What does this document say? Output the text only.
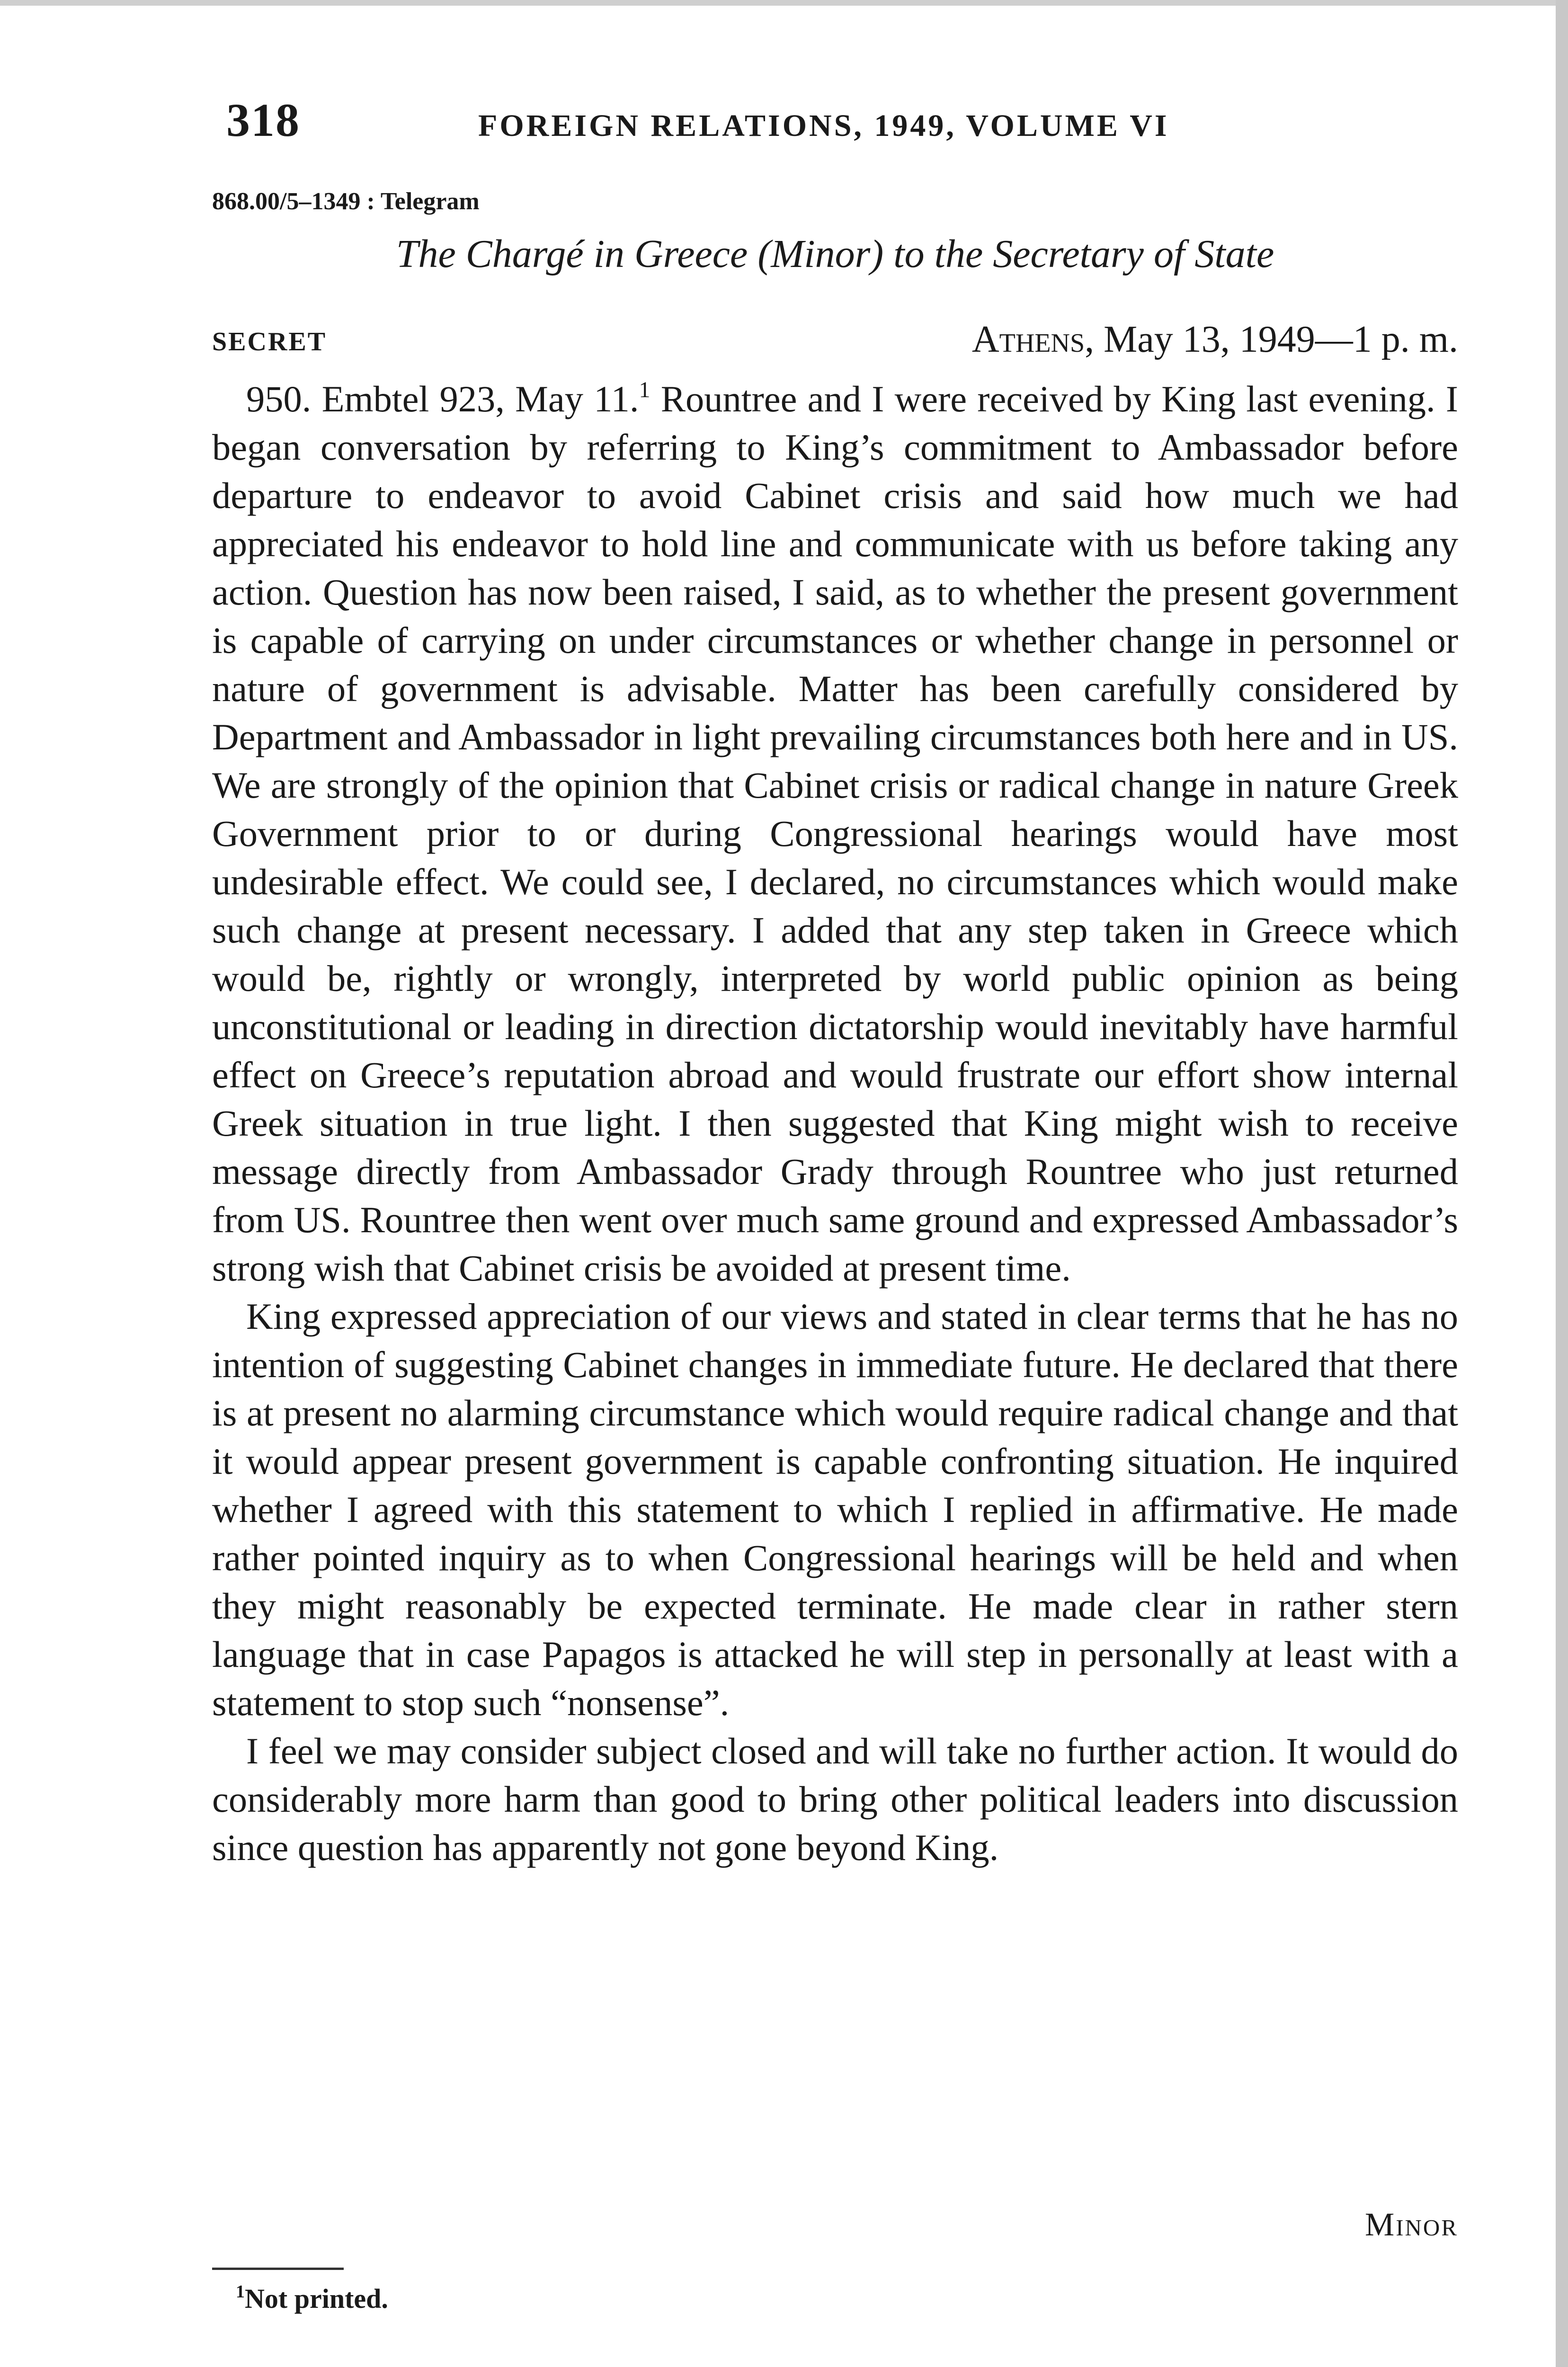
318	FOREIGN RELATIONS, 1949, VOLUME VI
868.00/5–1349 : Telegram
The Chargé in Greece (Minor) to the Secretary of State
SECRET	Athens, May 13, 1949—1 p. m.

950. Embtel 923, May 11.$^1$ Rountree and I were received by King last evening. I began conversation by referring to King’s commitment to Ambassador before departure to endeavor to avoid Cabinet crisis and said how much we had appreciated his endeavor to hold line and communicate with us before taking any action. Question has now been raised, I said, as to whether the present government is capable of carrying on under circumstances or whether change in personnel or nature of government is advisable. Matter has been carefully considered by Department and Ambassador in light prevailing circumstances both here and in US. We are strongly of the opinion that Cabinet crisis or radical change in nature Greek Government prior to or during Congressional hearings would have most undesirable effect. We could see, I declared, no circumstances which would make such change at present necessary. I added that any step taken in Greece which would be, rightly or wrongly, interpreted by world public opinion as being unconstitutional or leading in direction dictatorship would inevitably have harmful effect on Greece’s reputation abroad and would frustrate our effort show internal Greek situation in true light. I then suggested that King might wish to receive message directly from Ambassador Grady through Rountree who just returned from US. Rountree then went over much same ground and expressed Ambassador’s strong wish that Cabinet crisis be avoided at present time.

King expressed appreciation of our views and stated in clear terms that he has no intention of suggesting Cabinet changes in immediate future. He declared that there is at present no alarming circumstance which would require radical change and that it would appear present government is capable confronting situation. He inquired whether I agreed with this statement to which I replied in affirmative. He made rather pointed inquiry as to when Congressional hearings will be held and when they might reasonably be expected terminate. He made clear in rather stern language that in case Papagos is attacked he will step in personally at least with a statement to stop such “nonsense”.

I feel we may consider subject closed and will take no further action. It would do considerably more harm than good to bring other political leaders into discussion since question has apparently not gone beyond King.

Minor
$^1$Not printed.
